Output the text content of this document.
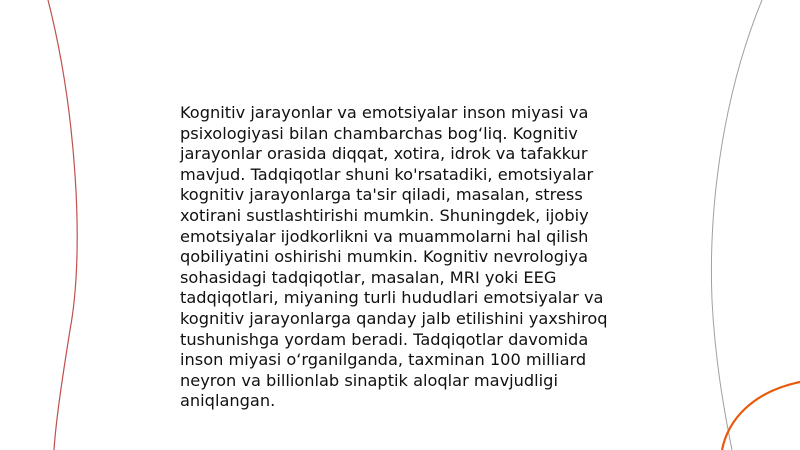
Kognitiv jarayonlar va emotsiyalar inson miyasi va
psixologiyasi bilan chambarchas bog‘liq. Kognitiv
jarayonlar orasida diqqat, xotira, idrok va tafakkur
mavjud. Tadqiqotlar shuni ko'rsatadiki, emotsiyalar
kognitiv jarayonlarga ta'sir qiladi, masalan, stress
xotirani sustlashtirishi mumkin. Shuningdek, ijobiy
emotsiyalar ijodkorlikni va muammolarni hal qilish
qobiliyatini oshirishi mumkin. Kognitiv nevrologiya
sohasidagi tadqiqotlar, masalan, MRI yoki EEG
tadqiqotlari, miyaning turli hududlari emotsiyalar va
kognitiv jarayonlarga qanday jalb etilishini yaxshiroq
tushunishga yordam beradi. Tadqiqotlar davomida
inson miyasi o‘rganilganda, taxminan 100 milliard
neyron va billionlab sinaptik aloqlar mavjudligi
aniqlangan.
